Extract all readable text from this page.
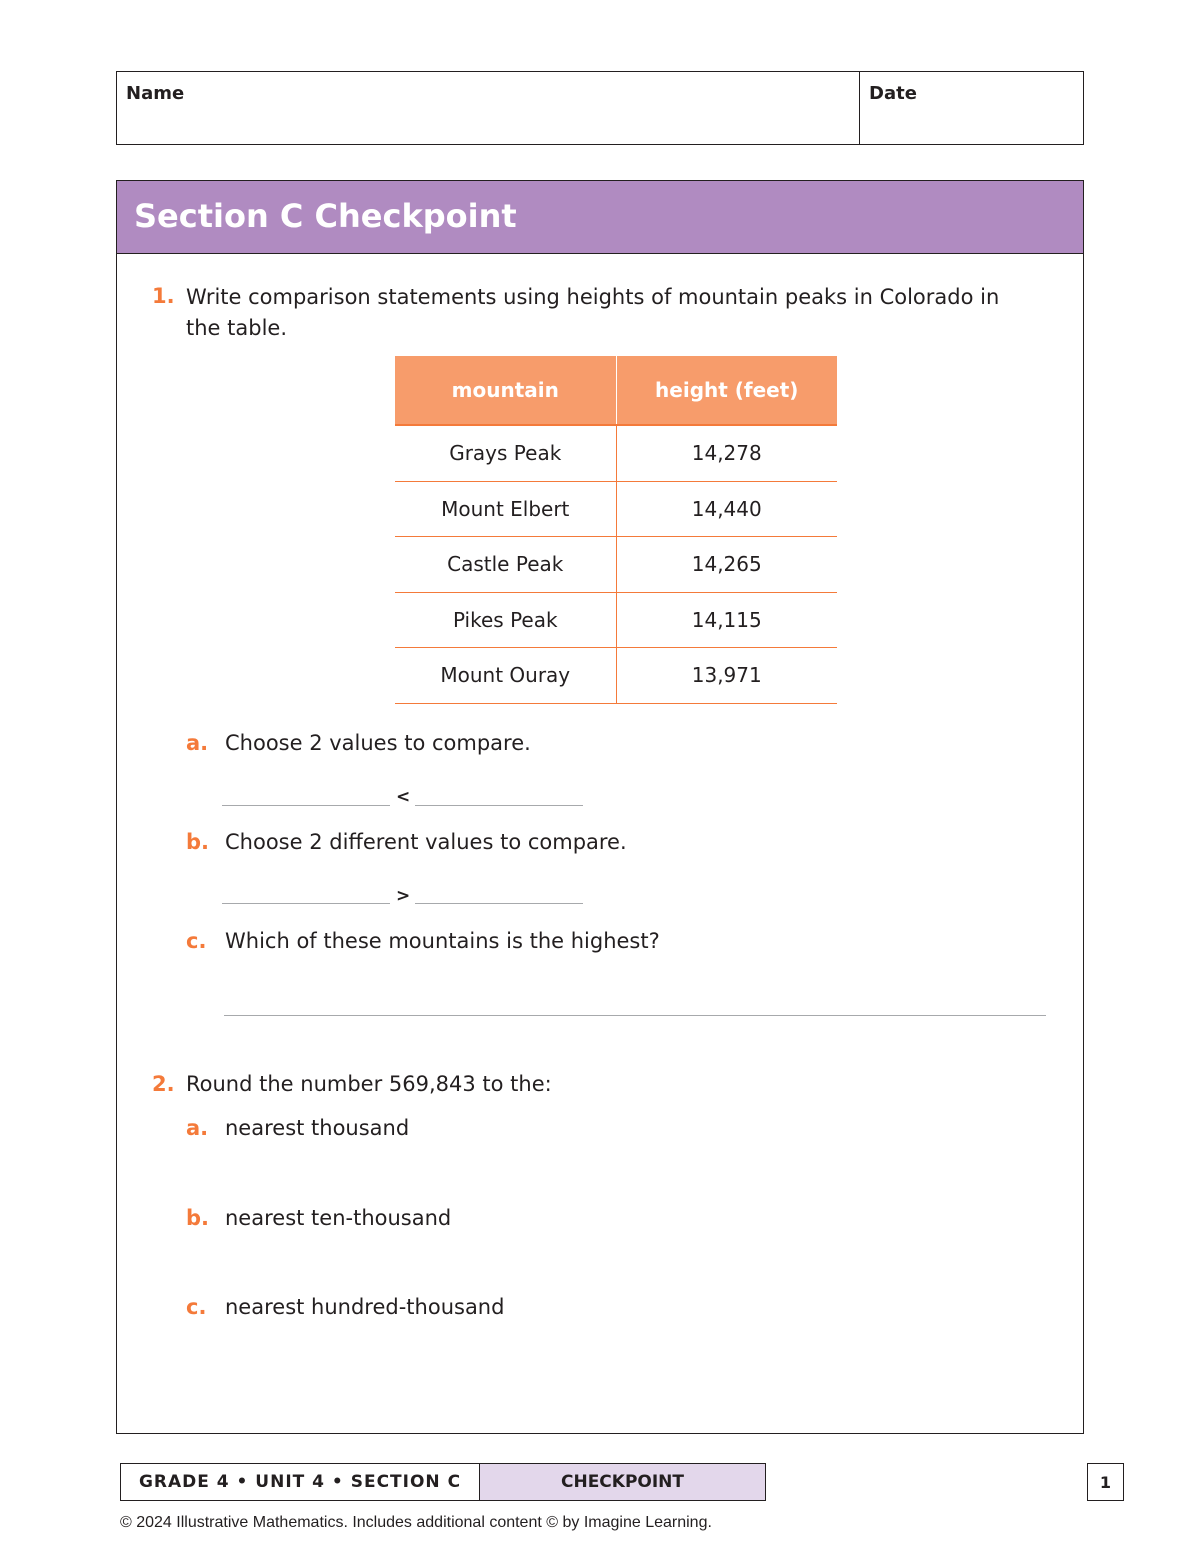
Name	Date
Section C Checkpoint
1. Write comparison statements using heights of mountain peaks in Colorado in
the table.
mountain	height (feet)
Grays Peak	14,278
Mount Elbert	14,440
Castle Peak	14,265
Pikes Peak	14,115
Mount Ouray	13,971
a. Choose 2 values to compare.
<
b. Choose 2 different values to compare.
>
c. Which of these mountains is the highest?
2. Round the number 569,843 to the:
a. nearest thousand
b. nearest ten-thousand
c. nearest hundred-thousand
GRADE 4 • UNIT 4 • SECTION C	CHECKPOINT	1
© 2024 Illustrative Mathematics. Includes additional content © by Imagine Learning.
